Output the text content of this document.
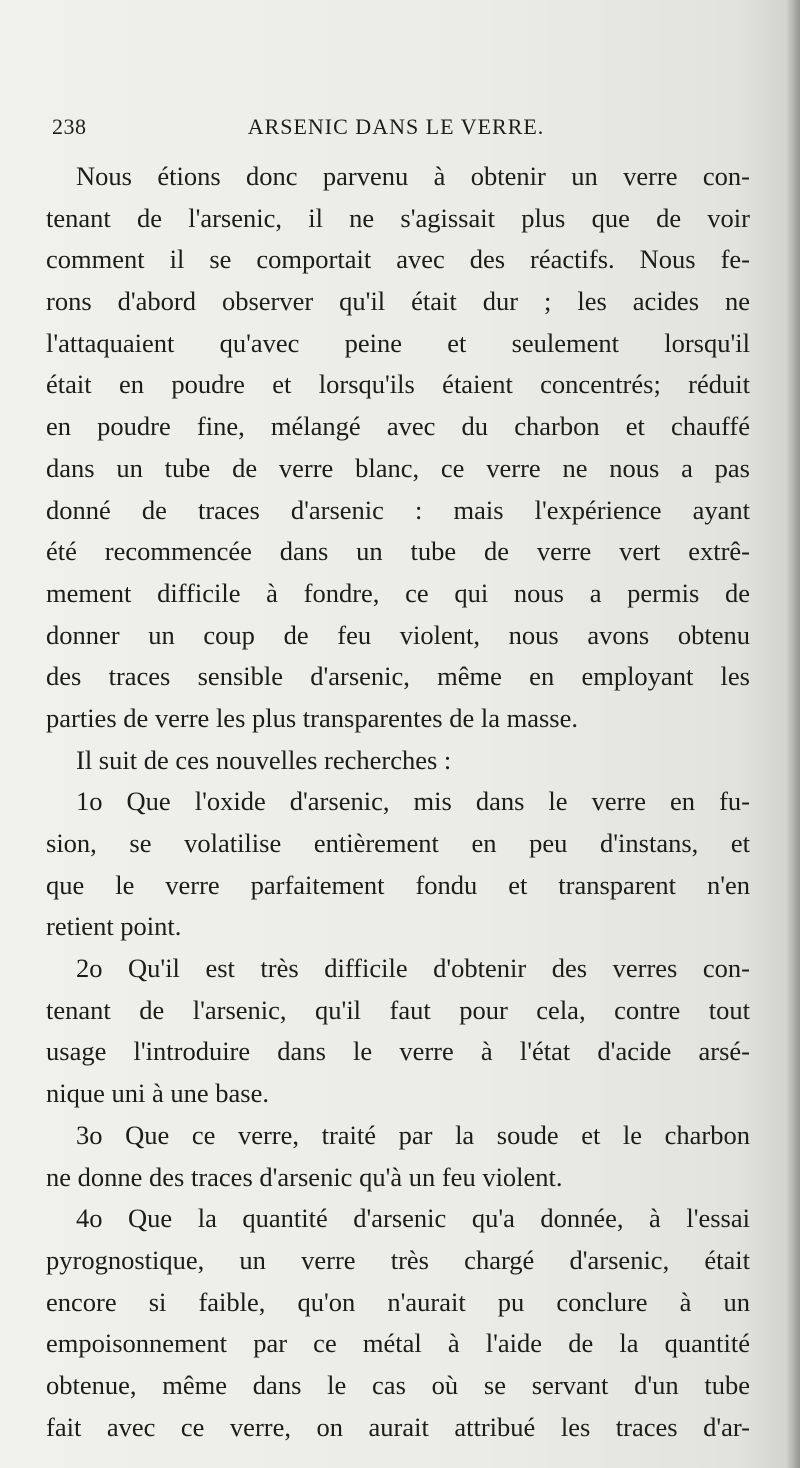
238	ARSENIC DANS LE VERRE.
Nous étions donc parvenu à obtenir un verre con-
tenant de l'arsenic, il ne s'agissait plus que de voir
comment il se comportait avec des réactifs. Nous fe-
rons d'abord observer qu'il était dur ; les acides ne
l'attaquaient qu'avec peine et seulement lorsqu'il
était en poudre et lorsqu'ils étaient concentrés; réduit
en poudre fine, mélangé avec du charbon et chauffé
dans un tube de verre blanc, ce verre ne nous a pas
donné de traces d'arsenic : mais l'expérience ayant
été recommencée dans un tube de verre vert extrê-
mement difficile à fondre, ce qui nous a permis de
donner un coup de feu violent, nous avons obtenu
des traces sensible d'arsenic, même en employant les
parties de verre les plus transparentes de la masse.
Il suit de ces nouvelles recherches :
1o Que l'oxide d'arsenic, mis dans le verre en fu-
sion, se volatilise entièrement en peu d'instans, et
que le verre parfaitement fondu et transparent n'en
retient point.
2o Qu'il est très difficile d'obtenir des verres con-
tenant de l'arsenic, qu'il faut pour cela, contre tout
usage l'introduire dans le verre à l'état d'acide arsé-
nique uni à une base.
3o Que ce verre, traité par la soude et le charbon
ne donne des traces d'arsenic qu'à un feu violent.
4o Que la quantité d'arsenic qu'a donnée, à l'essai
pyrognostique, un verre très chargé d'arsenic, était
encore si faible, qu'on n'aurait pu conclure à un
empoisonnement par ce métal à l'aide de la quantité
obtenue, même dans le cas où se servant d'un tube
fait avec ce verre, on aurait attribué les traces d'ar-
